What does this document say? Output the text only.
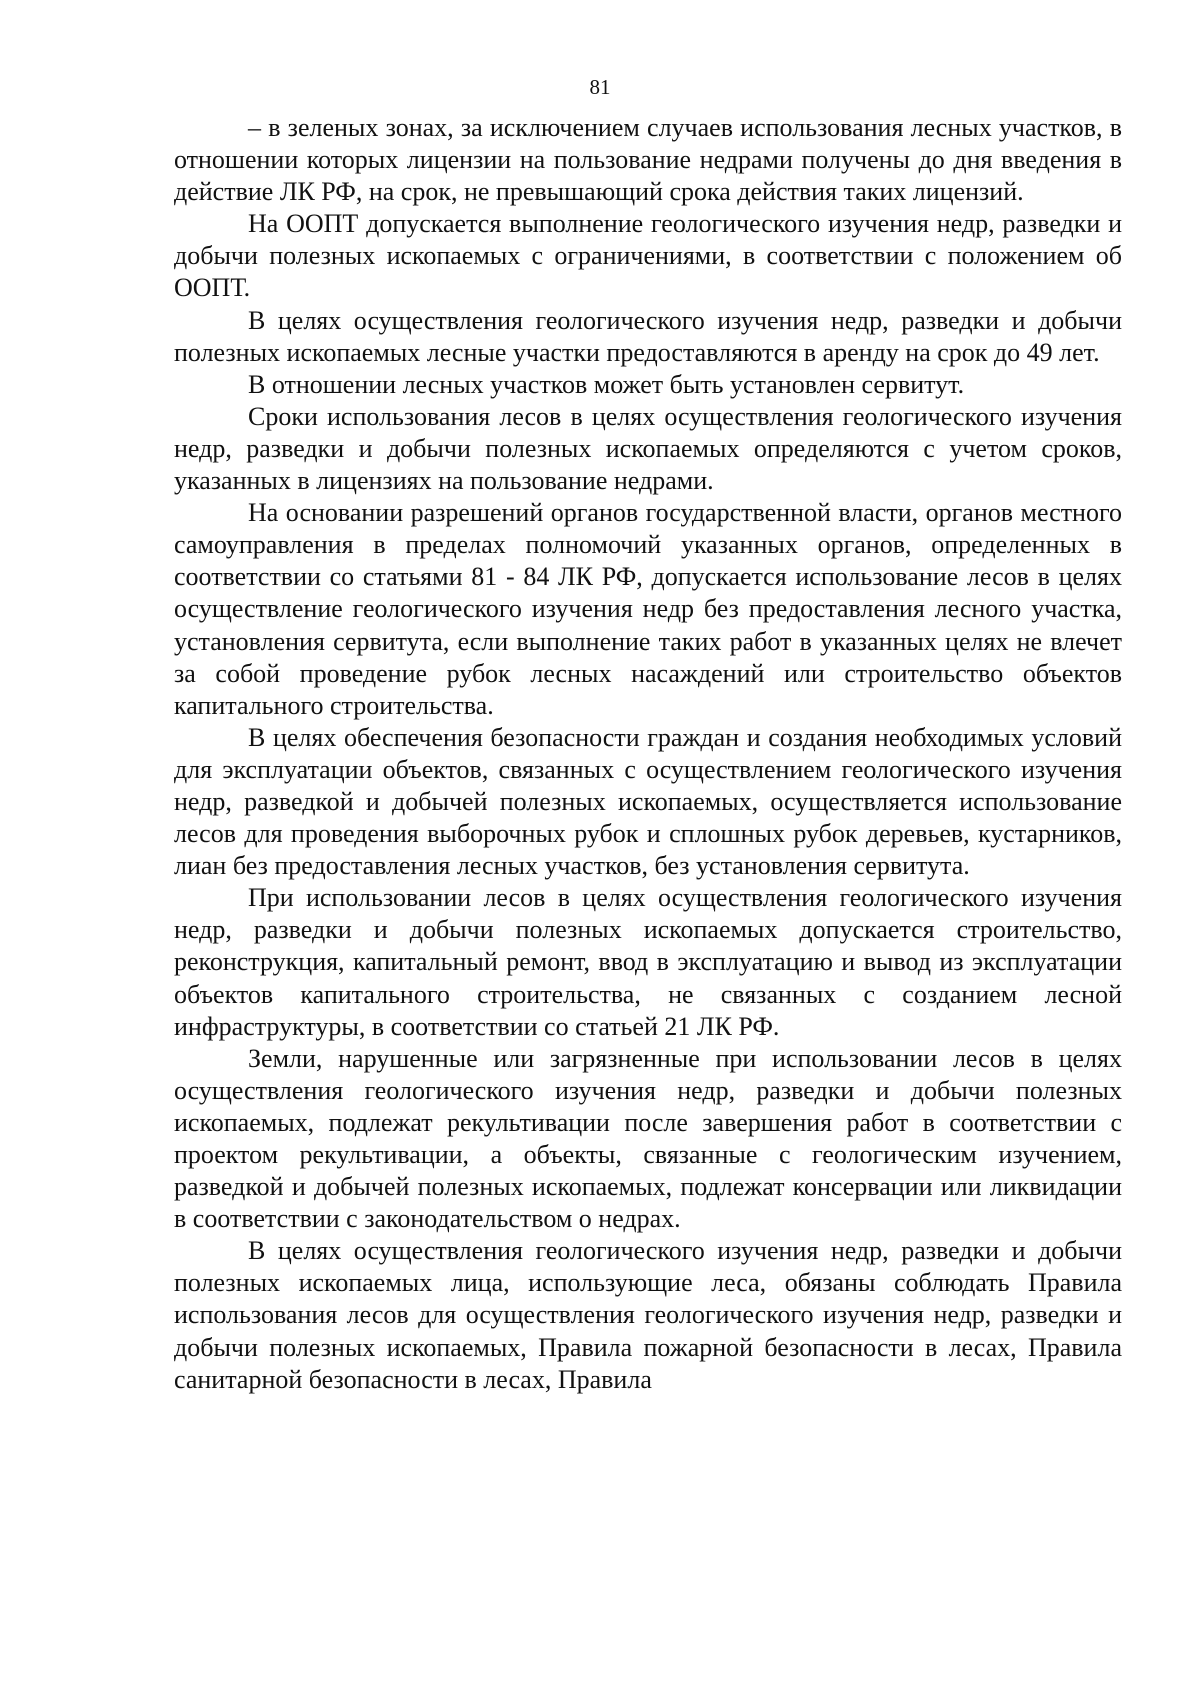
81

– в зеленых зонах, за исключением случаев использования лесных участков, в отношении которых лицензии на пользование недрами получены до дня введения в действие ЛК РФ, на срок, не превышающий срока действия таких лицензий.

На ООПТ допускается выполнение геологического изучения недр, разведки и добычи полезных ископаемых с ограничениями, в соответствии с положением об ООПТ.

В целях осуществления геологического изучения недр, разведки и добычи полезных ископаемых лесные участки предоставляются в аренду на срок до 49 лет.

В отношении лесных участков может быть установлен сервитут.

Сроки использования лесов в целях осуществления геологического изучения недр, разведки и добычи полезных ископаемых определяются с учетом сроков, указанных в лицензиях на пользование недрами.

На основании разрешений органов государственной власти, органов местного самоуправления в пределах полномочий указанных органов, определенных в соответствии со статьями 81 - 84 ЛК РФ, допускается использование лесов в целях осуществление геологического изучения недр без предоставления лесного участка, установления сервитута, если выполнение таких работ в указанных целях не влечет за собой проведение рубок лесных насаждений или строительство объектов капитального строительства.

В целях обеспечения безопасности граждан и создания необходимых условий для эксплуатации объектов, связанных с осуществлением геологического изучения недр, разведкой и добычей полезных ископаемых, осуществляется использование лесов для проведения выборочных рубок и сплошных рубок деревьев, кустарников, лиан без предоставления лесных участков, без установления сервитута.

При использовании лесов в целях осуществления геологического изучения недр, разведки и добычи полезных ископаемых допускается строительство, реконструкция, капитальный ремонт, ввод в эксплуатацию и вывод из эксплуатации объектов капитального строительства, не связанных с созданием лесной инфраструктуры, в соответствии со статьей 21 ЛК РФ.

Земли, нарушенные или загрязненные при использовании лесов в целях осуществления геологического изучения недр, разведки и добычи полезных ископаемых, подлежат рекультивации после завершения работ в соответствии с проектом рекультивации, а объекты, связанные с геологическим изучением, разведкой и добычей полезных ископаемых, подлежат консервации или ликвидации в соответствии с законодательством о недрах.

В целях осуществления геологического изучения недр, разведки и добычи полезных ископаемых лица, использующие леса, обязаны соблюдать Правила использования лесов для осуществления геологического изучения недр, разведки и добычи полезных ископаемых, Правила пожарной безопасности в лесах, Правила санитарной безопасности в лесах, Правила
